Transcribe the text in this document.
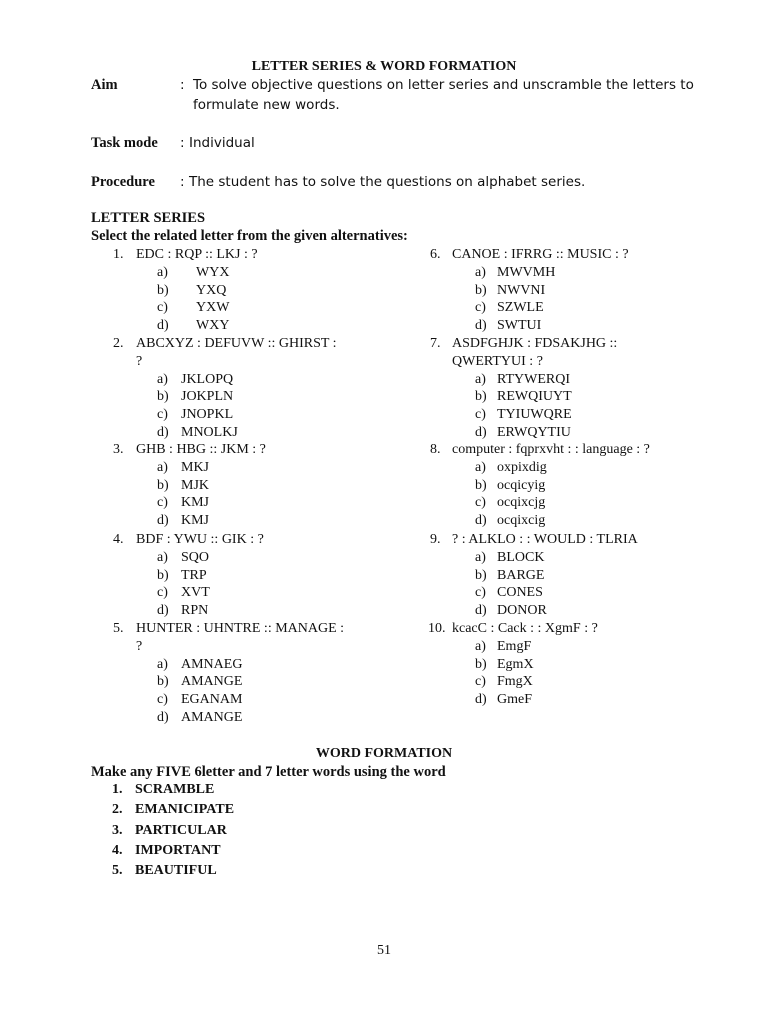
LETTER SERIES & WORD FORMATION
Aim	: To solve objective questions on letter series and unscramble the letters to
formulate new words.
Task mode : Individual
Procedure : The student has to solve the questions on alphabet series.
LETTER SERIES
Select the related letter from the given alternatives:
1. EDC : RQP :: LKJ : ?
a) WYX
b) YXQ
c) YXW
d) WXY
2. ABCXYZ : DEFUVW :: GHIRST :
?
a) JKLOPQ
b) JOKPLN
c) JNOPKL
d) MNOLKJ
3. GHB : HBG :: JKM : ?
a) MKJ
b) MJK
c) KMJ
d) KMJ
4. BDF : YWU :: GIK : ?
a) SQO
b) TRP
c) XVT
d) RPN
5. HUNTER : UHNTRE :: MANAGE :
?
a) AMNAEG
b) AMANGE
c) EGANAM
d) AMANGE
6. CANOE : IFRRG :: MUSIC : ?
a) MWVMH
b) NWVNI
c) SZWLE
d) SWTUI
7. ASDFGHJK : FDSAKJHG ::
QWERTYUI : ?
a) RTYWERQI
b) REWQIUYT
c) TYIUWQRE
d) ERWQYTIU
8. computer : fqprxvht : : language : ?
a) oxpixdig
b) ocqicyig
c) ocqixcjg
d) ocqixcig
9. ? : ALKLO : : WOULD : TLRIA
a) BLOCK
b) BARGE
c) CONES
d) DONOR
10. kcacC : Cack : : XgmF : ?
a) EmgF
b) EgmX
c) FmgX
d) GmeF
WORD FORMATION
Make any FIVE 6letter and 7 letter words using the word
1. SCRAMBLE
2. EMANICIPATE
3. PARTICULAR
4. IMPORTANT
5. BEAUTIFUL
51
